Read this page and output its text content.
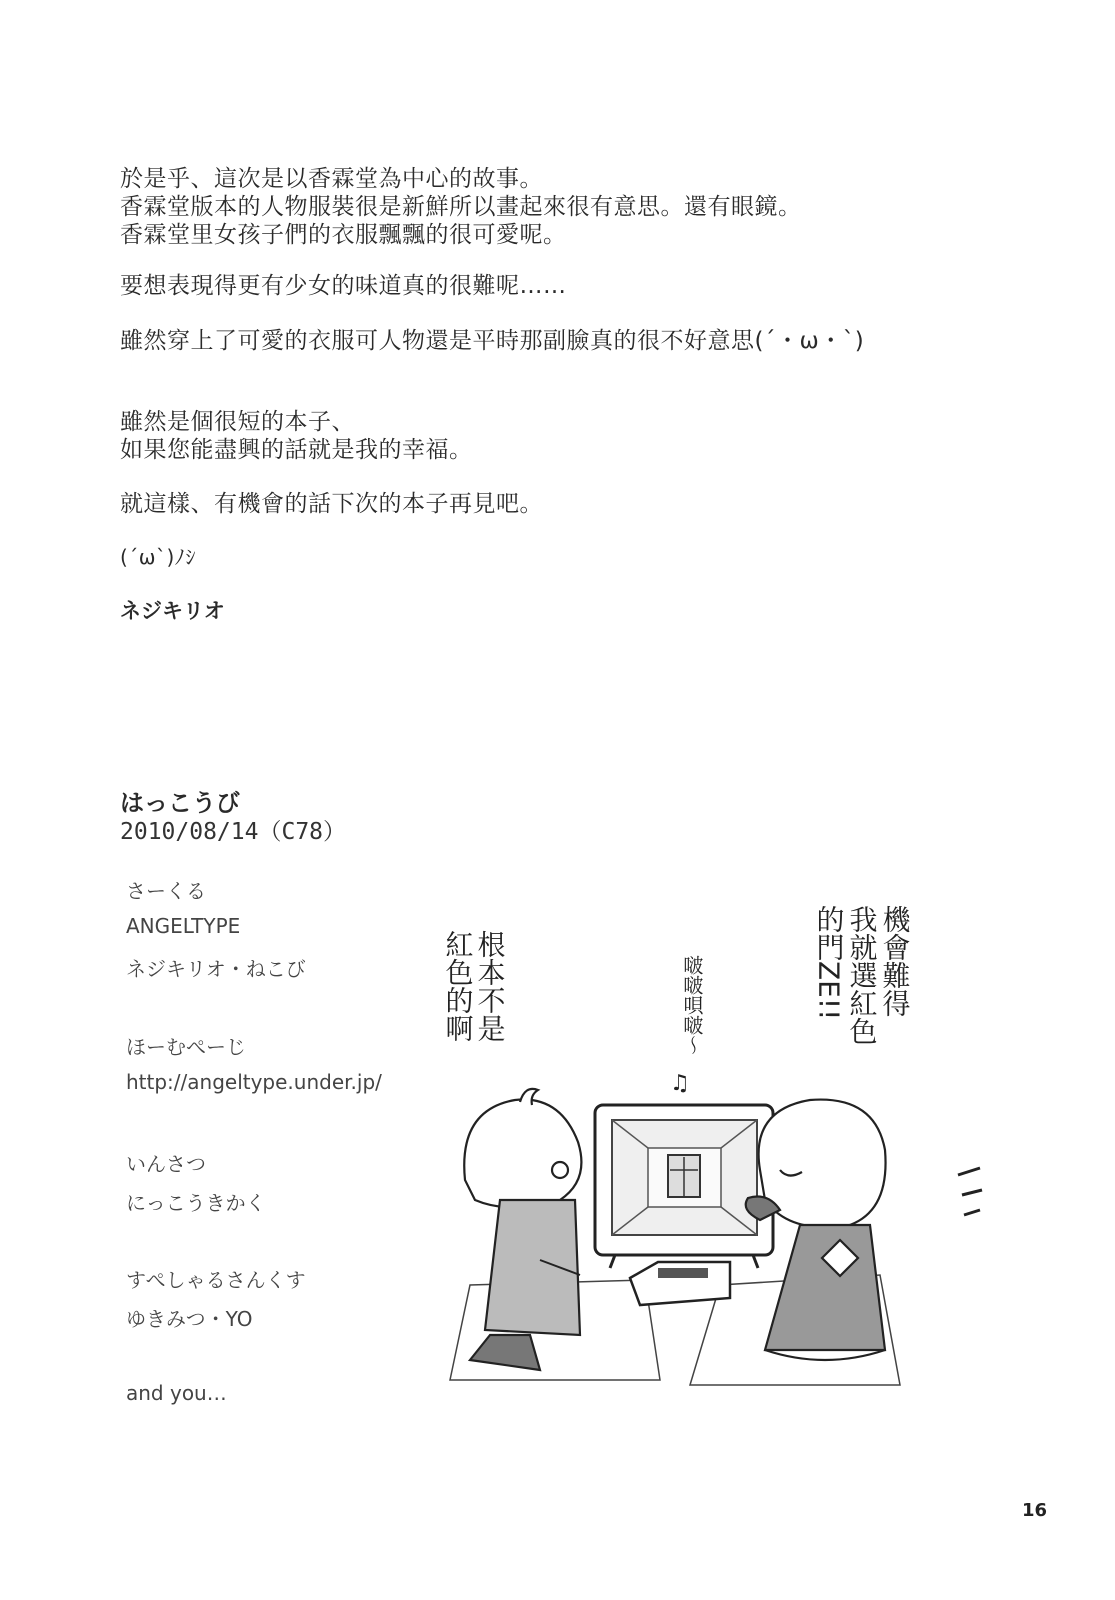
於是乎、這次是以香霖堂為中心的故事。

香霖堂版本的人物服裝很是新鮮所以畫起來很有意思。還有眼鏡。

香霖堂里女孩子們的衣服飄飄的很可愛呢。

要想表現得更有少女的味道真的很難呢……

雖然穿上了可愛的衣服可人物還是平時那副臉真的很不好意思(´・ω・`)

雖然是個很短的本子、

如果您能盡興的話就是我的幸福。

就這樣、有機會的話下次的本子再見吧。

(´ω`)ﾉｼ

ネジキリオ

はっこうび

2010/08/14（C78）

さーくる

ANGELTYPE

ネジキリオ・ねこび

ほーむぺーじ

http://angeltype.under.jp/

いんさつ

にっこうきかく

すぺしゃるさんくす

ゆきみつ・YO

and you…

根本不是
紅色的啊	啵啵唄啵～
♫
機會難得
我就選紅色
的門ZE!!
16
